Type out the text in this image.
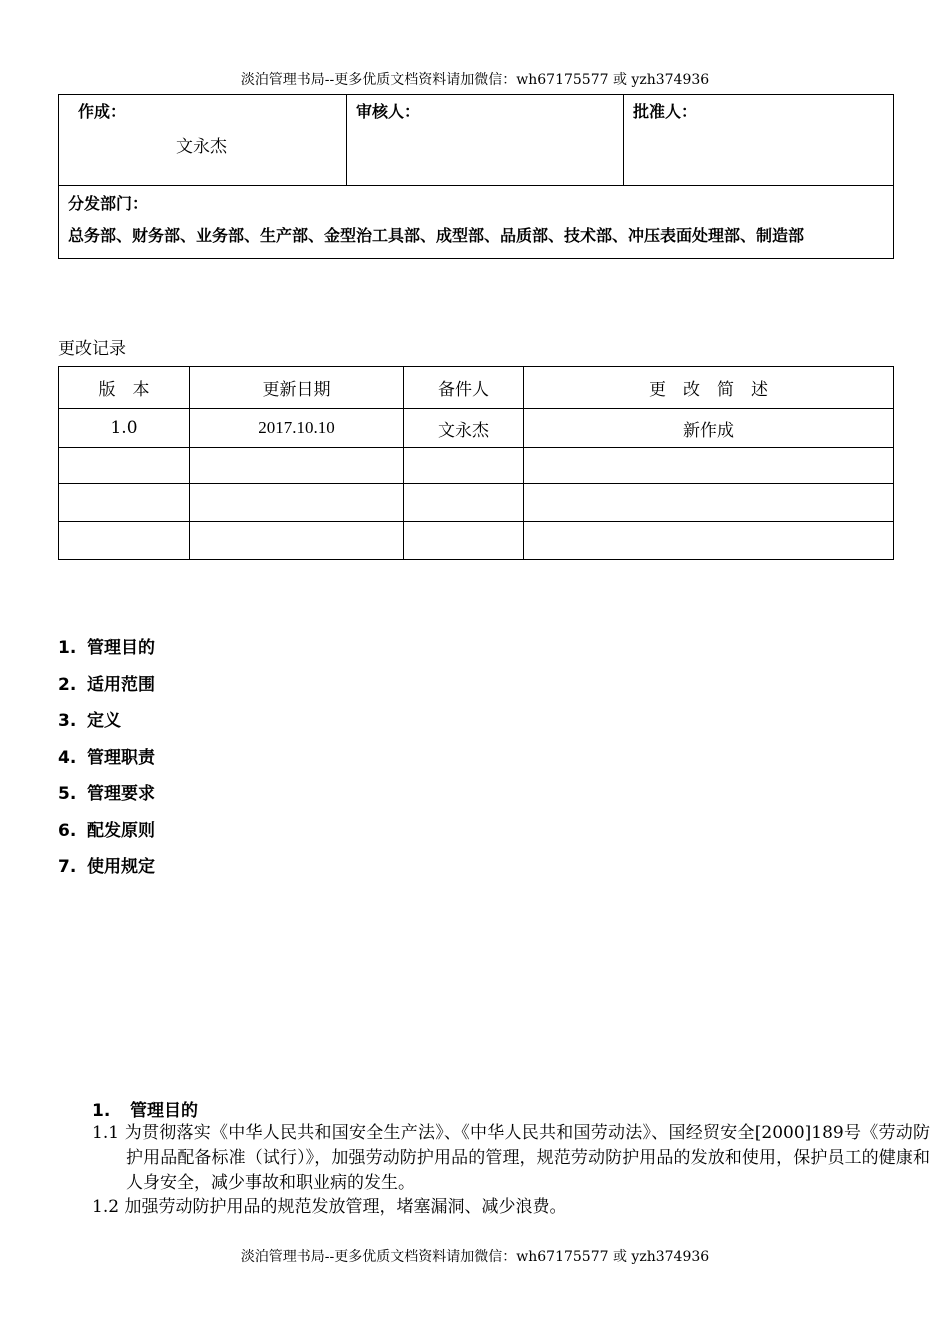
淡泊管理书局--更多优质文档资料请加微信：wh67175577 或 yzh374936
作成：
文永杰

审核人：	批准人：

分发部门：
总务部、财务部、业务部、生产部、金型治工具部、成型部、品质部、技术部、冲压表面处理部、制造部
更改记录
版　本	更新日期	备件人	更　改　简　述
1.0	2017.10.10	文永杰	新作成

1. 管理目的
2. 适用范围
3. 定义
4. 管理职责
5. 管理要求
6. 配发原则
7. 使用规定
1. 管理目的
1.1 为贯彻落实《中华人民共和国安全生产法》、《中华人民共和国劳动法》、国经贸安全[2000]189号《劳动防护用品配备标准（试行）》，加强劳动防护用品的管理，规范劳动防护用品的发放和使用，保护员工的健康和人身安全，减少事故和职业病的发生。
1.2 加强劳动防护用品的规范发放管理，堵塞漏洞、减少浪费。
淡泊管理书局--更多优质文档资料请加微信：wh67175577 或 yzh374936
